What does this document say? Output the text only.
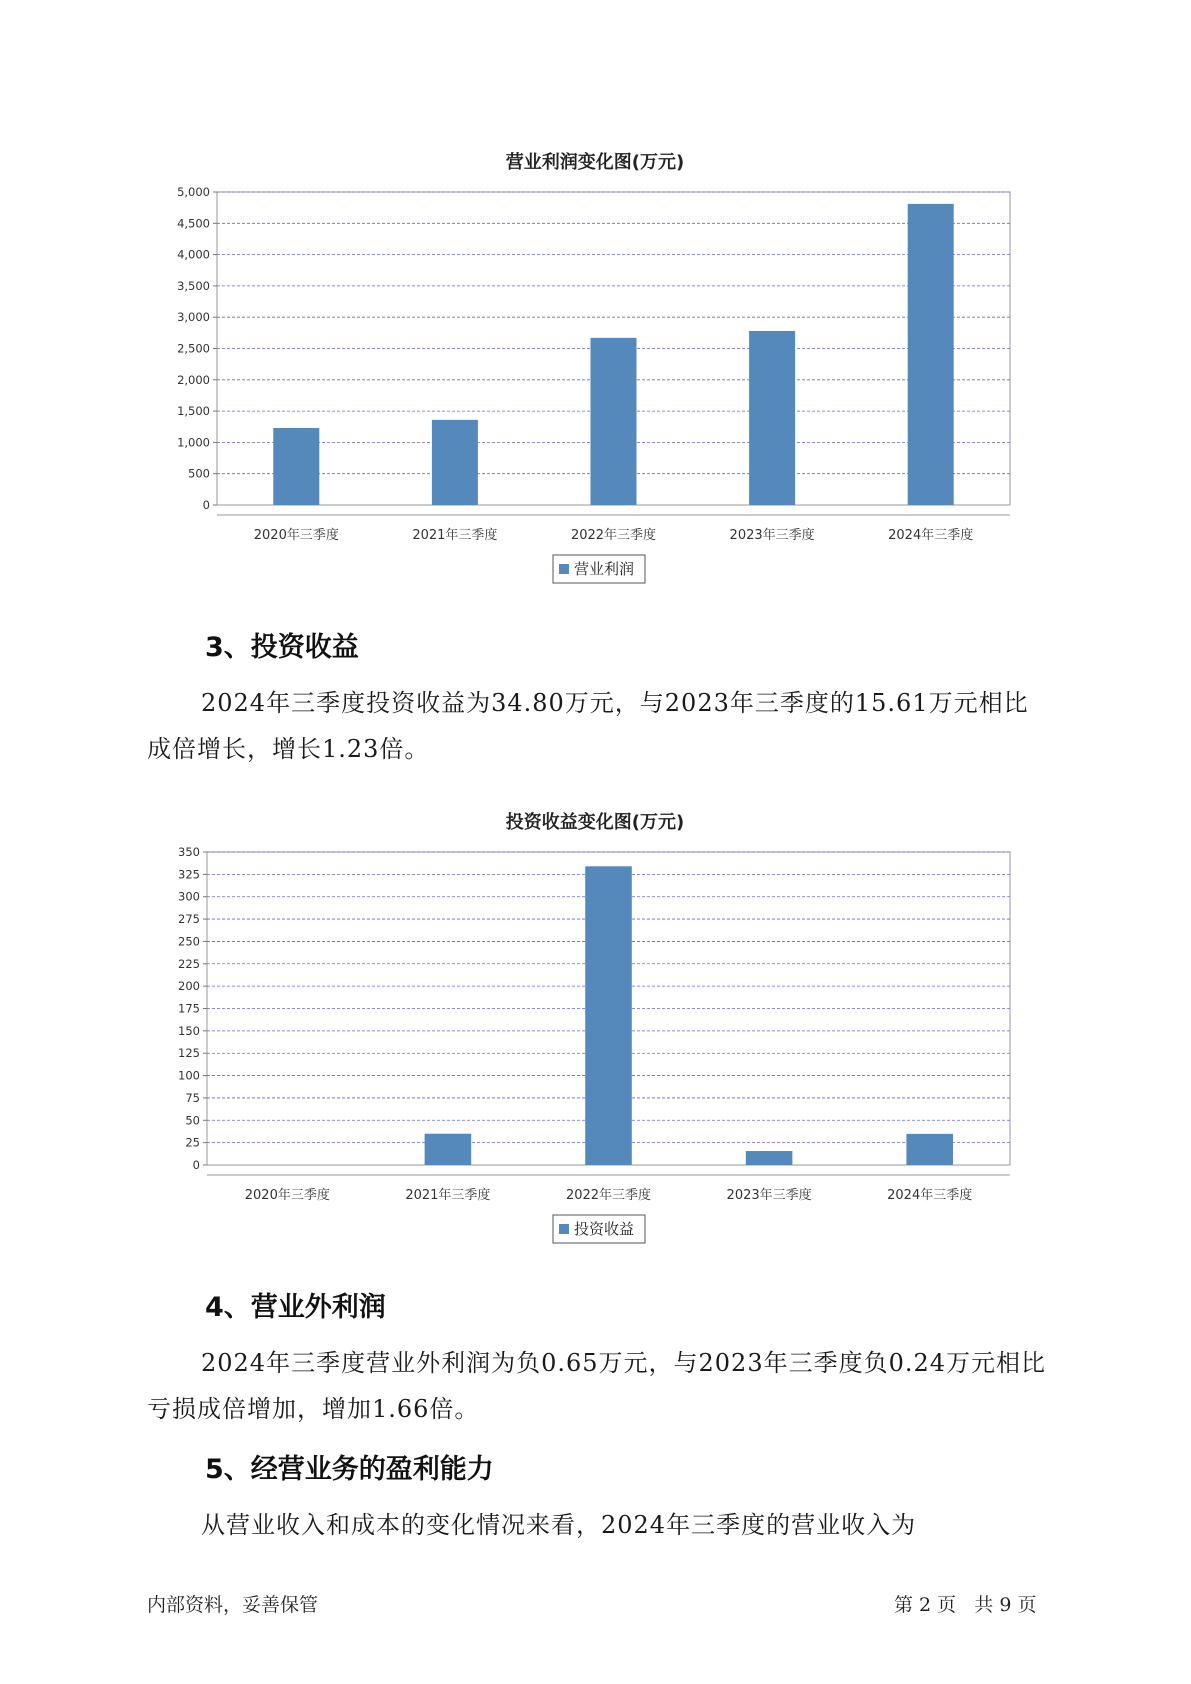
营业利润变化图(万元)
0
500
1,000
1,500
2,000
2,500
3,000
3,500
4,000
4,500
5,000
2020年三季度	2021年三季度	2022年三季度	2023年三季度	2024年三季度
营业利润
3、投资收益

2024年三季度投资收益为34.80万元，与2023年三季度的15.61万元相比成倍增长，增长1.23倍。

投资收益变化图(万元)
0
25
50
75
100
125
150
175
200
225
250
275
300
325
350
2020年三季度	2021年三季度	2022年三季度	2023年三季度	2024年三季度
投资收益
4、营业外利润

2024年三季度营业外利润为负0.65万元，与2023年三季度负0.24万元相比亏损成倍增加，增加1.66倍。

5、经营业务的盈利能力

从营业收入和成本的变化情况来看，2024年三季度的营业收入为

内部资料，妥善保管	第 2 页   共 9 页
